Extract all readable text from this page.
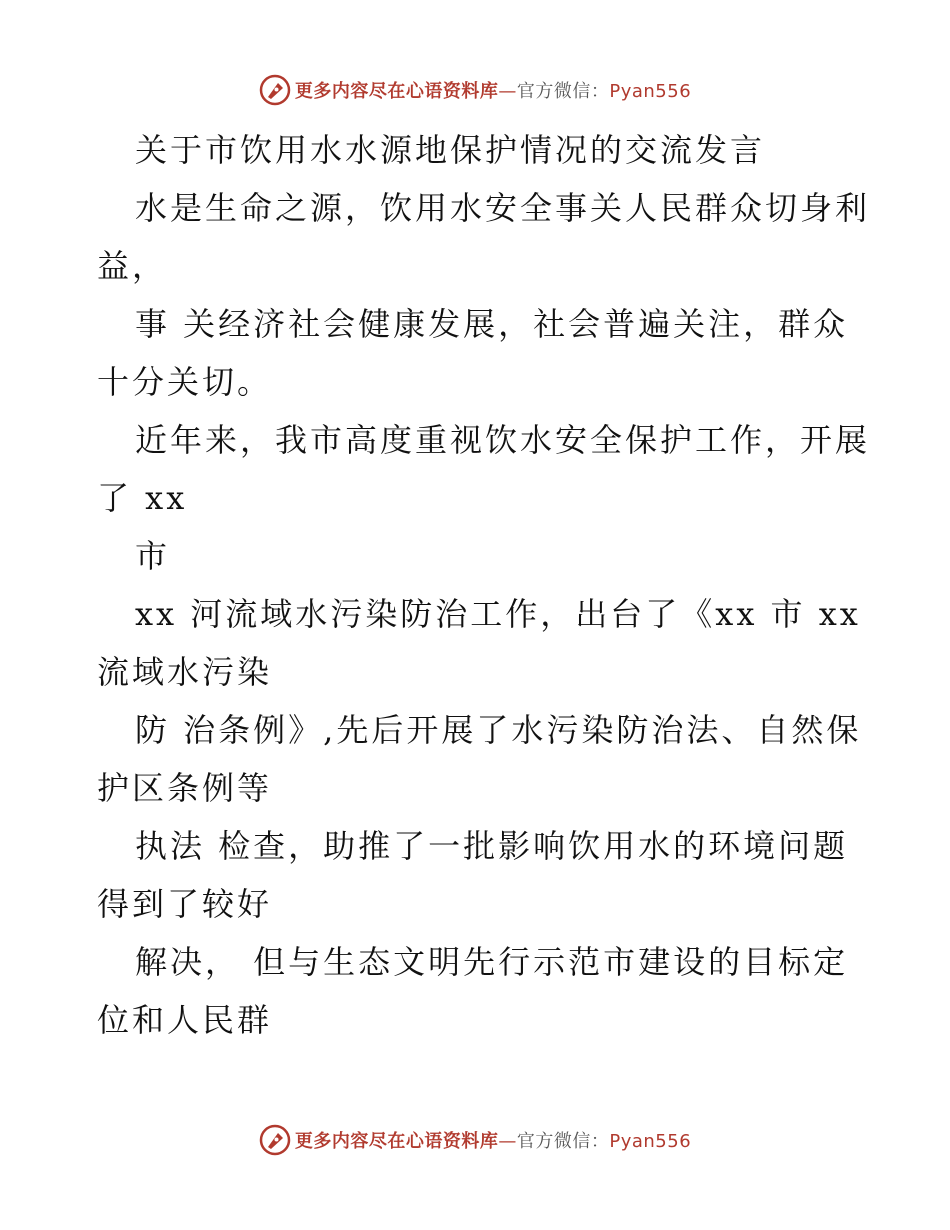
更多内容尽在心语资料库—官方微信：Pyan556
关于市饮用水水源地保护情况的交流发言
水是生命之源，饮用水安全事关人民群众切身利
益，
事 关经济社会健康发展，社会普遍关注，群众
十分关切。
近年来，我市高度重视饮水安全保护工作，开展
了 xx
市
xx 河流域水污染防治工作，出台了《xx 市 xx
流域水污染
防 治条例》,先后开展了水污染防治法、自然保
护区条例等
执法 检查，助推了一批影响饮用水的环境问题
得到了较好
解决， 但与生态文明先行示范市建设的目标定
位和人民群
更多内容尽在心语资料库—官方微信：Pyan556
